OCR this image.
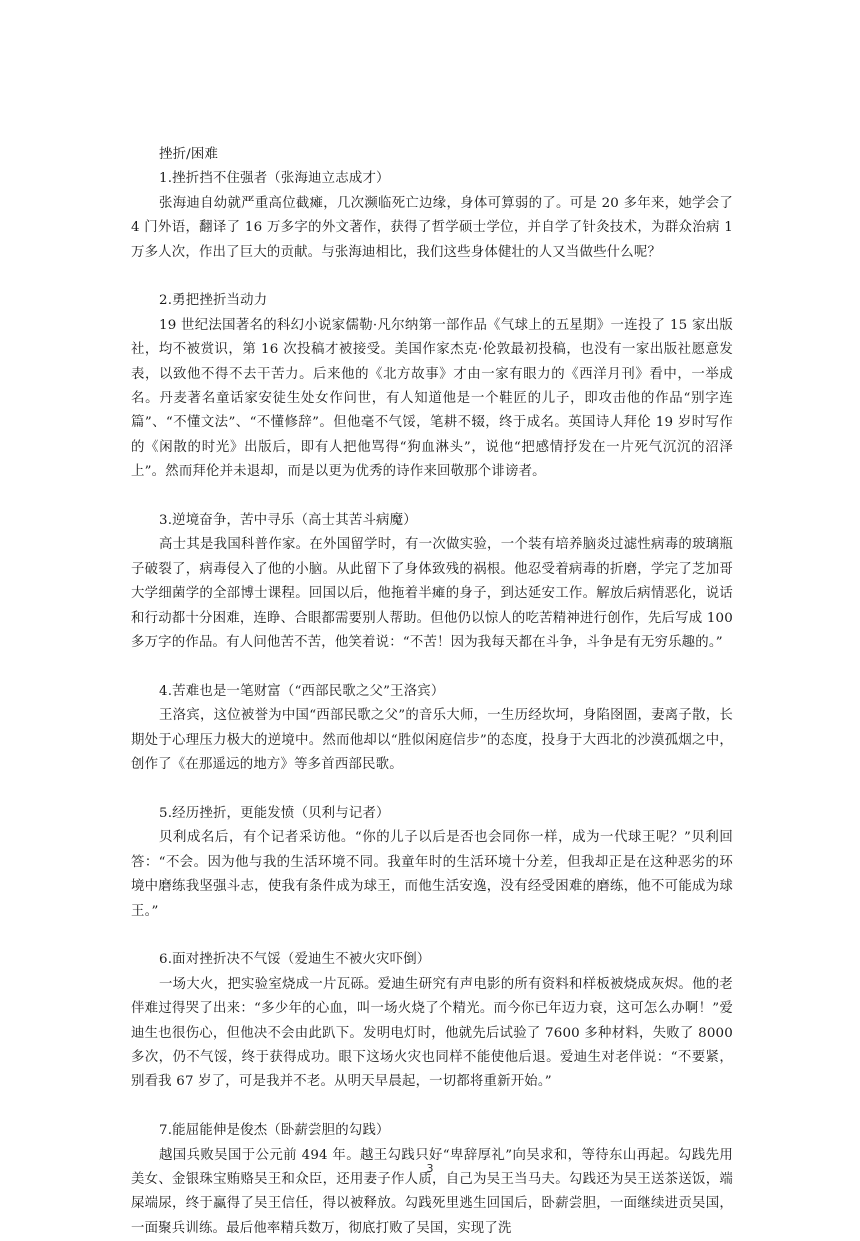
挫折/困难

1.挫折挡不住强者（张海迪立志成才）

张海迪自幼就严重高位截瘫，几次濒临死亡边缘，身体可算弱的了。可是 20 多年来，她学会了 4 门外语，翻译了 16 万多字的外文著作，获得了哲学硕士学位，并自学了针灸技术，为群众治病 1 万多人次，作出了巨大的贡献。与张海迪相比，我们这些身体健壮的人又当做些什么呢？

2.勇把挫折当动力

19 世纪法国著名的科幻小说家儒勒·凡尔纳第一部作品《气球上的五星期》一连投了 15 家出版社，均不被赏识，第 16 次投稿才被接受。美国作家杰克·伦敦最初投稿，也没有一家出版社愿意发表，以致他不得不去干苦力。后来他的《北方故事》才由一家有眼力的《西洋月刊》看中，一举成名。丹麦著名童话家安徒生处女作问世，有人知道他是一个鞋匠的儿子，即攻击他的作品“别字连篇”、“不懂文法”、“不懂修辞”。但他毫不气馁，笔耕不辍，终于成名。英国诗人拜伦 19 岁时写作的《闲散的时光》出版后，即有人把他骂得“狗血淋头”，说他“把感情抒发在一片死气沉沉的沼泽上”。然而拜伦并未退却，而是以更为优秀的诗作来回敬那个诽谤者。

3.逆境奋争，苦中寻乐（高士其苦斗病魔）

高士其是我国科普作家。在外国留学时，有一次做实验，一个装有培养脑炎过滤性病毒的玻璃瓶子破裂了，病毒侵入了他的小脑。从此留下了身体致残的祸根。他忍受着病毒的折磨，学完了芝加哥大学细菌学的全部博士课程。回国以后，他拖着半瘫的身子，到达延安工作。解放后病情恶化，说话和行动都十分困难，连睁、合眼都需要别人帮助。但他仍以惊人的吃苦精神进行创作，先后写成 100 多万字的作品。有人问他苦不苦，他笑着说：“不苦！因为我每天都在斗争，斗争是有无穷乐趣的。”

4.苦难也是一笔财富（“西部民歌之父”王洛宾）

王洛宾，这位被誉为中国“西部民歌之父”的音乐大师，一生历经坎坷，身陷囹圄，妻离子散，长期处于心理压力极大的逆境中。然而他却以“胜似闲庭信步”的态度，投身于大西北的沙漠孤烟之中，创作了《在那遥远的地方》等多首西部民歌。

5.经历挫折，更能发愤（贝利与记者）

贝利成名后，有个记者采访他。“你的儿子以后是否也会同你一样，成为一代球王呢？”贝利回答：“不会。因为他与我的生活环境不同。我童年时的生活环境十分差，但我却正是在这种恶劣的环境中磨练我坚强斗志，使我有条件成为球王，而他生活安逸，没有经受困难的磨练，他不可能成为球王。”

6.面对挫折决不气馁（爱迪生不被火灾吓倒）

一场大火，把实验室烧成一片瓦砾。爱迪生研究有声电影的所有资料和样板被烧成灰烬。他的老伴难过得哭了出来：“多少年的心血，叫一场火烧了个精光。而今你已年迈力衰，这可怎么办啊！”爱迪生也很伤心，但他决不会由此趴下。发明电灯时，他就先后试验了 7600 多种材料，失败了 8000 多次，仍不气馁，终于获得成功。眼下这场火灾也同样不能使他后退。爱迪生对老伴说：“不要紧，别看我 67 岁了，可是我并不老。从明天早晨起，一切都将重新开始。”

7.能屈能伸是俊杰（卧薪尝胆的勾践）

越国兵败吴国于公元前 494 年。越王勾践只好“卑辞厚礼”向吴求和，等待东山再起。勾践先用美女、金银珠宝贿赂吴王和众臣，还用妻子作人质，自己为吴王当马夫。勾践还为吴王送茶送饭，端屎端尿，终于赢得了吴王信任，得以被释放。勾践死里逃生回国后，卧薪尝胆，一面继续进贡吴国，一面聚兵训练。最后他率精兵数万，彻底打败了吴国，实现了洗

3
